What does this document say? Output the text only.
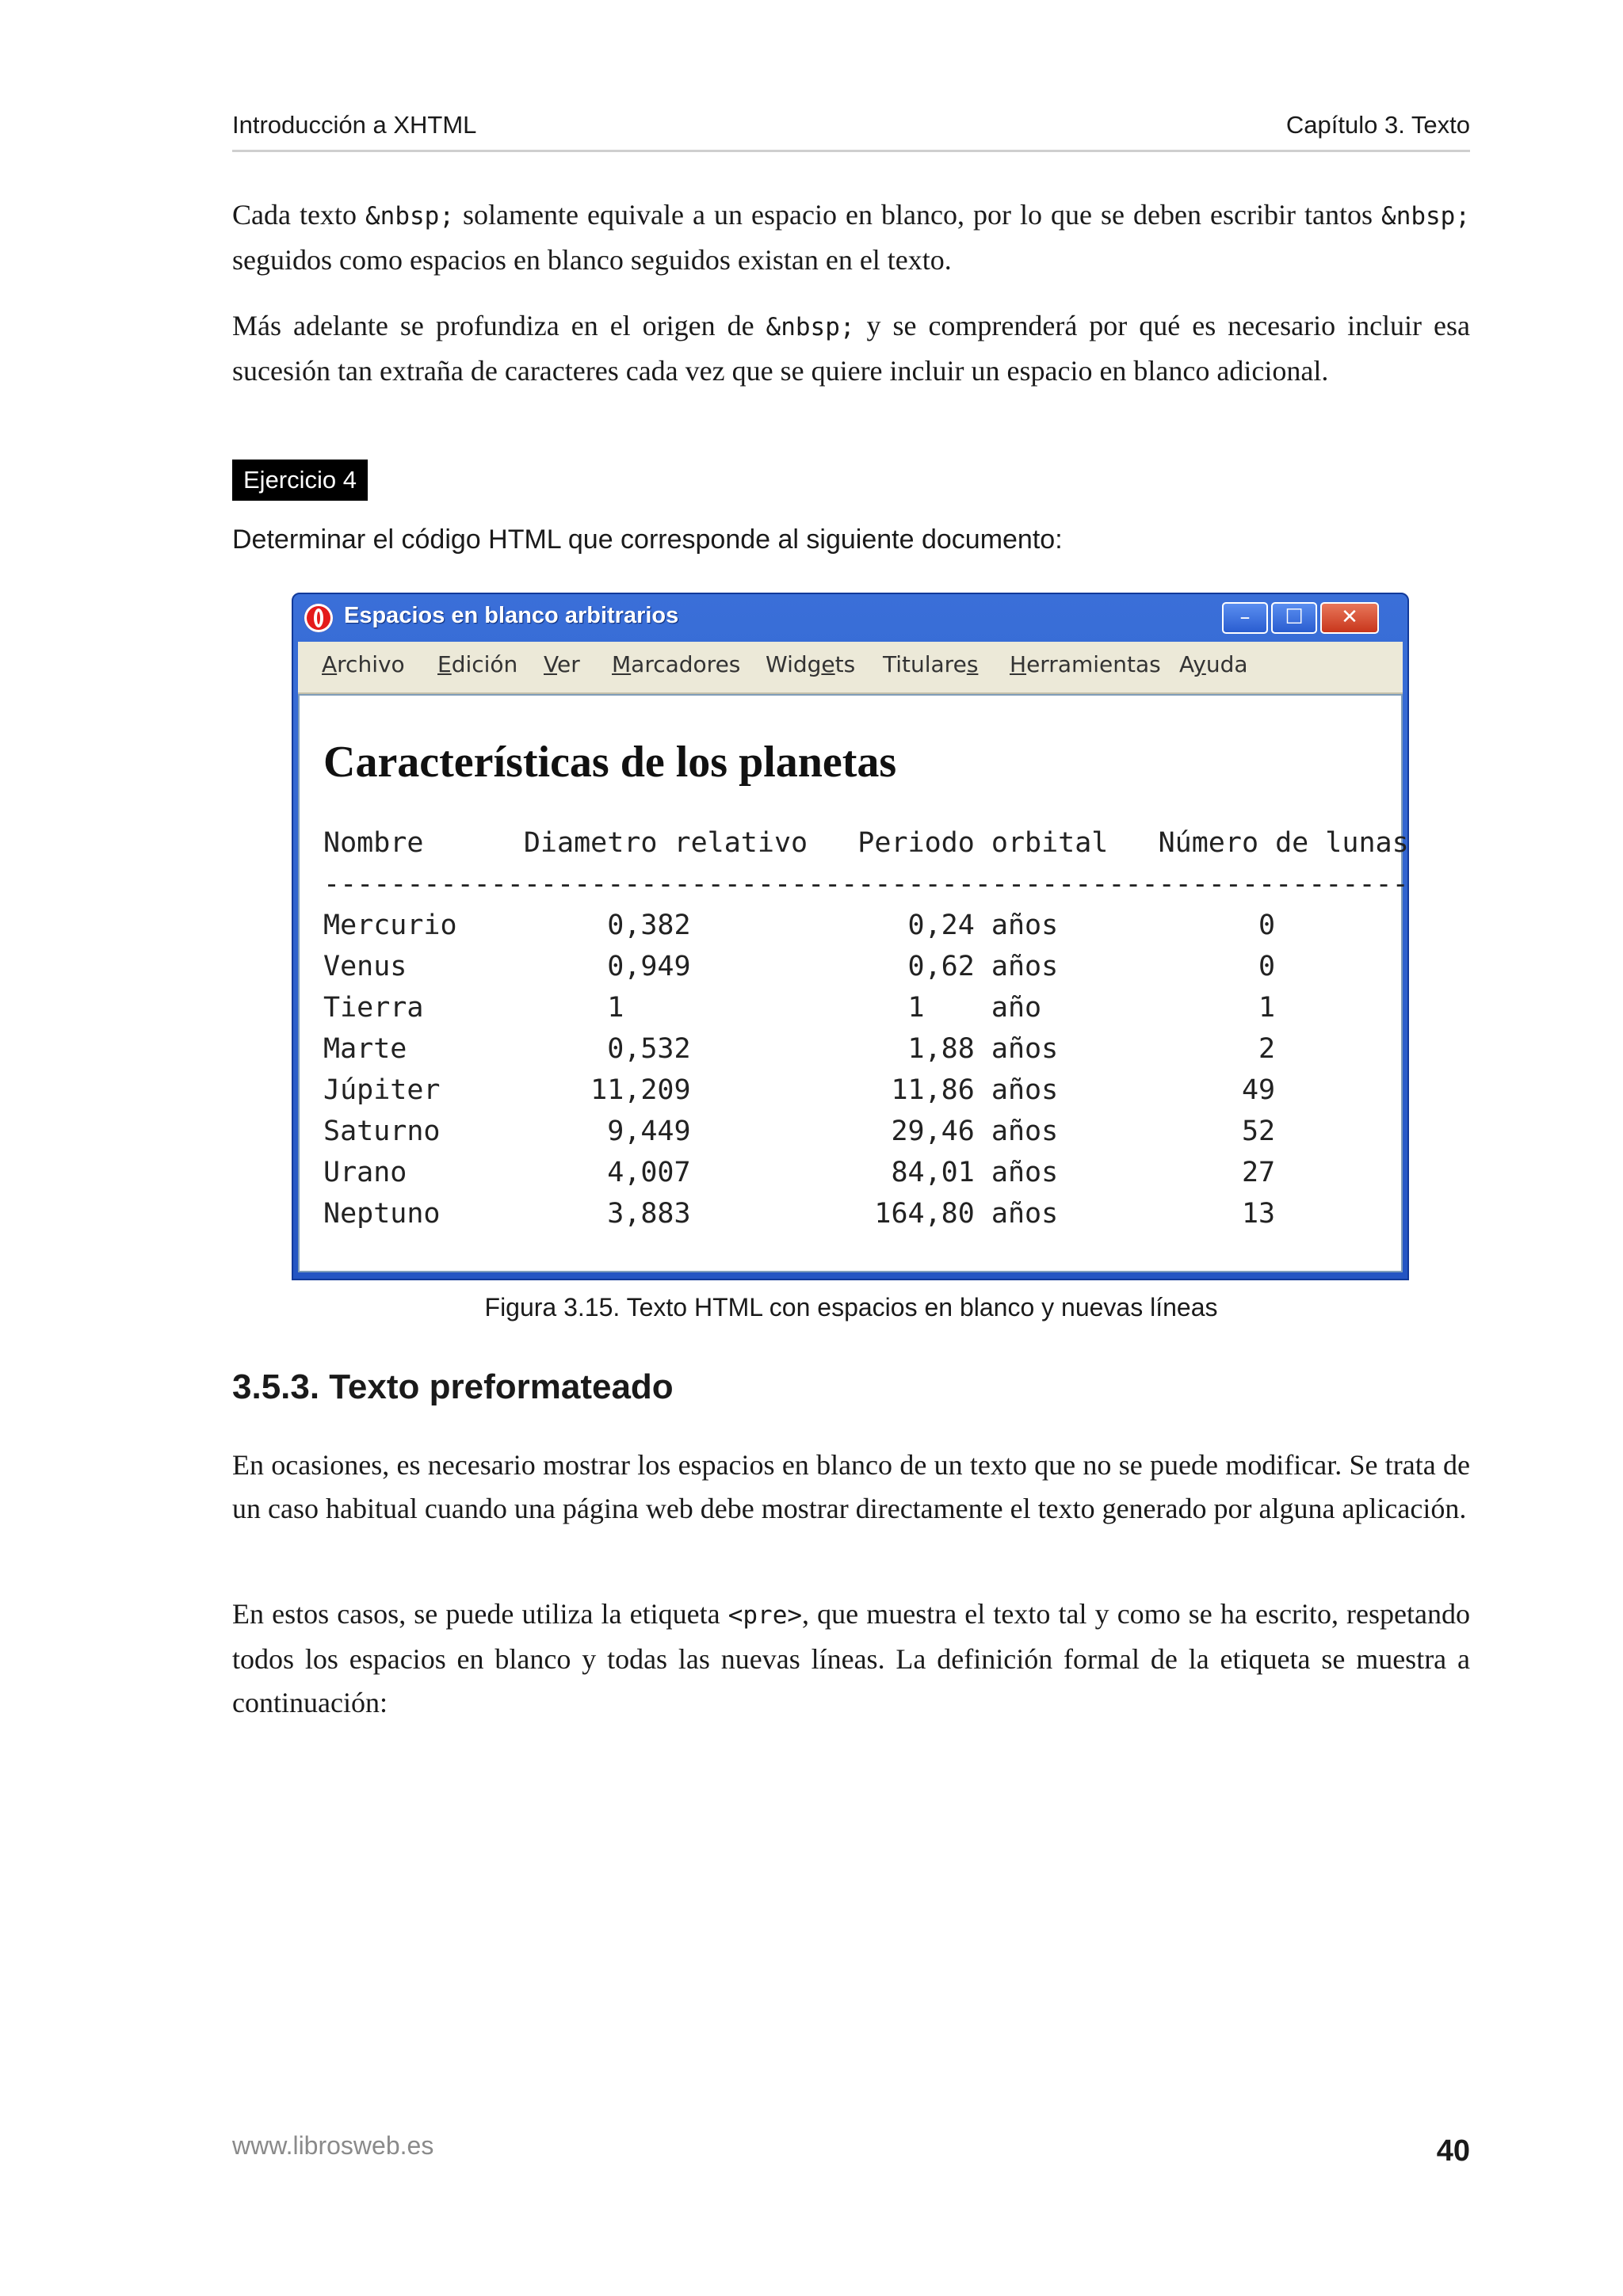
Introducción a XHTML	Capítulo 3. Texto

Cada texto &nbsp; solamente equivale a un espacio en blanco, por lo que se deben escribir tantos &nbsp; seguidos como espacios en blanco seguidos existan en el texto.

Más adelante se profundiza en el origen de &nbsp; y se comprenderá por qué es necesario incluir esa sucesión tan extraña de caracteres cada vez que se quiere incluir un espacio en blanco adicional.

Ejercicio 4
Determinar el código HTML que corresponde al siguiente documento:
Espacios en blanco arbitrarios	–	☐	✕
Archivo Edición Ver Marcadores Widgets Titulares Herramientas Ayuda
Características de los planetas
Nombre      Diametro relativo   Periodo orbital   Número de lunas
-----------------------------------------------------------------
Mercurio         0,382             0,24 años            0
Venus            0,949             0,62 años            0
Tierra           1                 1    año             1
Marte            0,532             1,88 años            2
Júpiter         11,209            11,86 años           49
Saturno          9,449            29,46 años           52
Urano            4,007            84,01 años           27
Neptuno          3,883           164,80 años           13
Figura 3.15. Texto HTML con espacios en blanco y nuevas líneas
3.5.3. Texto preformateado

En ocasiones, es necesario mostrar los espacios en blanco de un texto que no se puede modificar. Se trata de un caso habitual cuando una página web debe mostrar directamente el texto generado por alguna aplicación.

En estos casos, se puede utiliza la etiqueta <pre>, que muestra el texto tal y como se ha escrito, respetando todos los espacios en blanco y todas las nuevas líneas. La definición formal de la etiqueta se muestra a continuación:

www.librosweb.es	40
